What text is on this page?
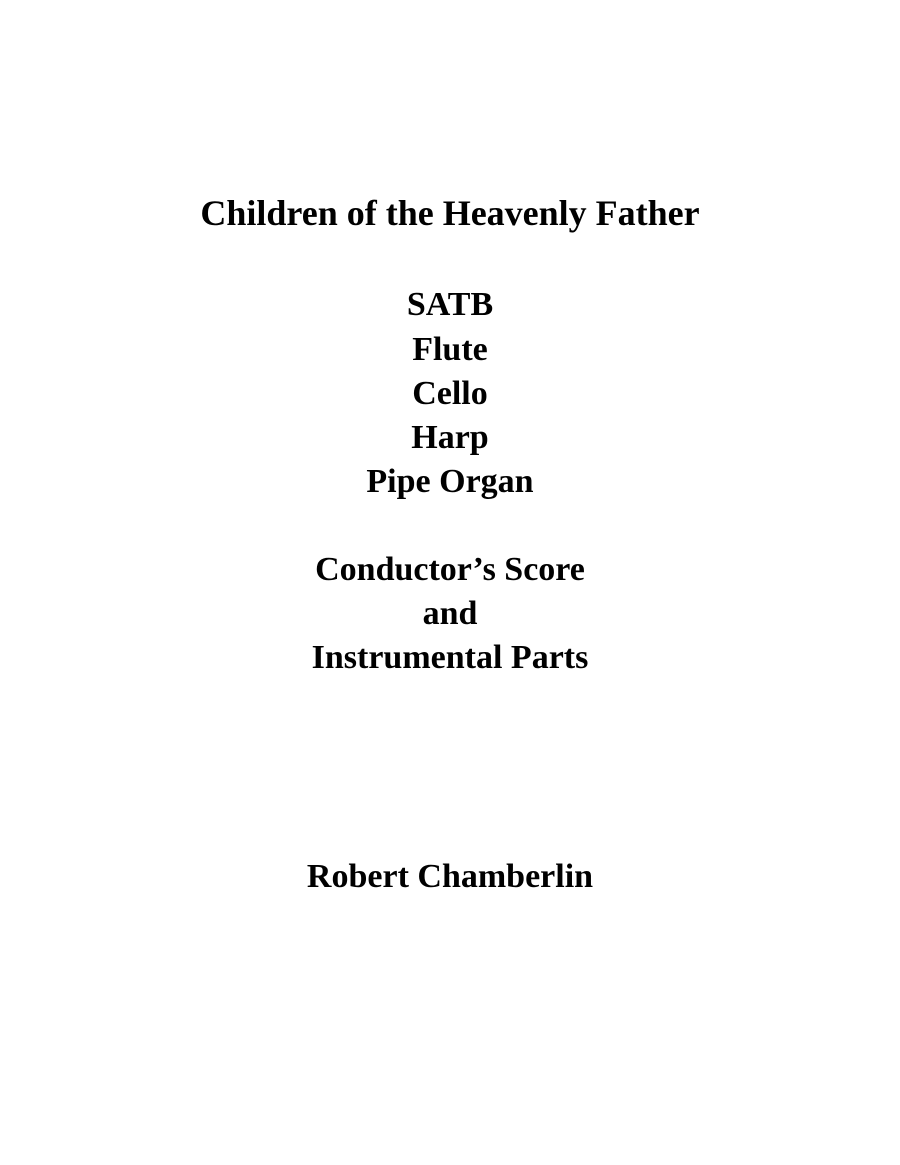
Children of the Heavenly Father
SATB
Flute
Cello
Harp
Pipe Organ
Conductor’s Score
and
Instrumental Parts
Robert Chamberlin
